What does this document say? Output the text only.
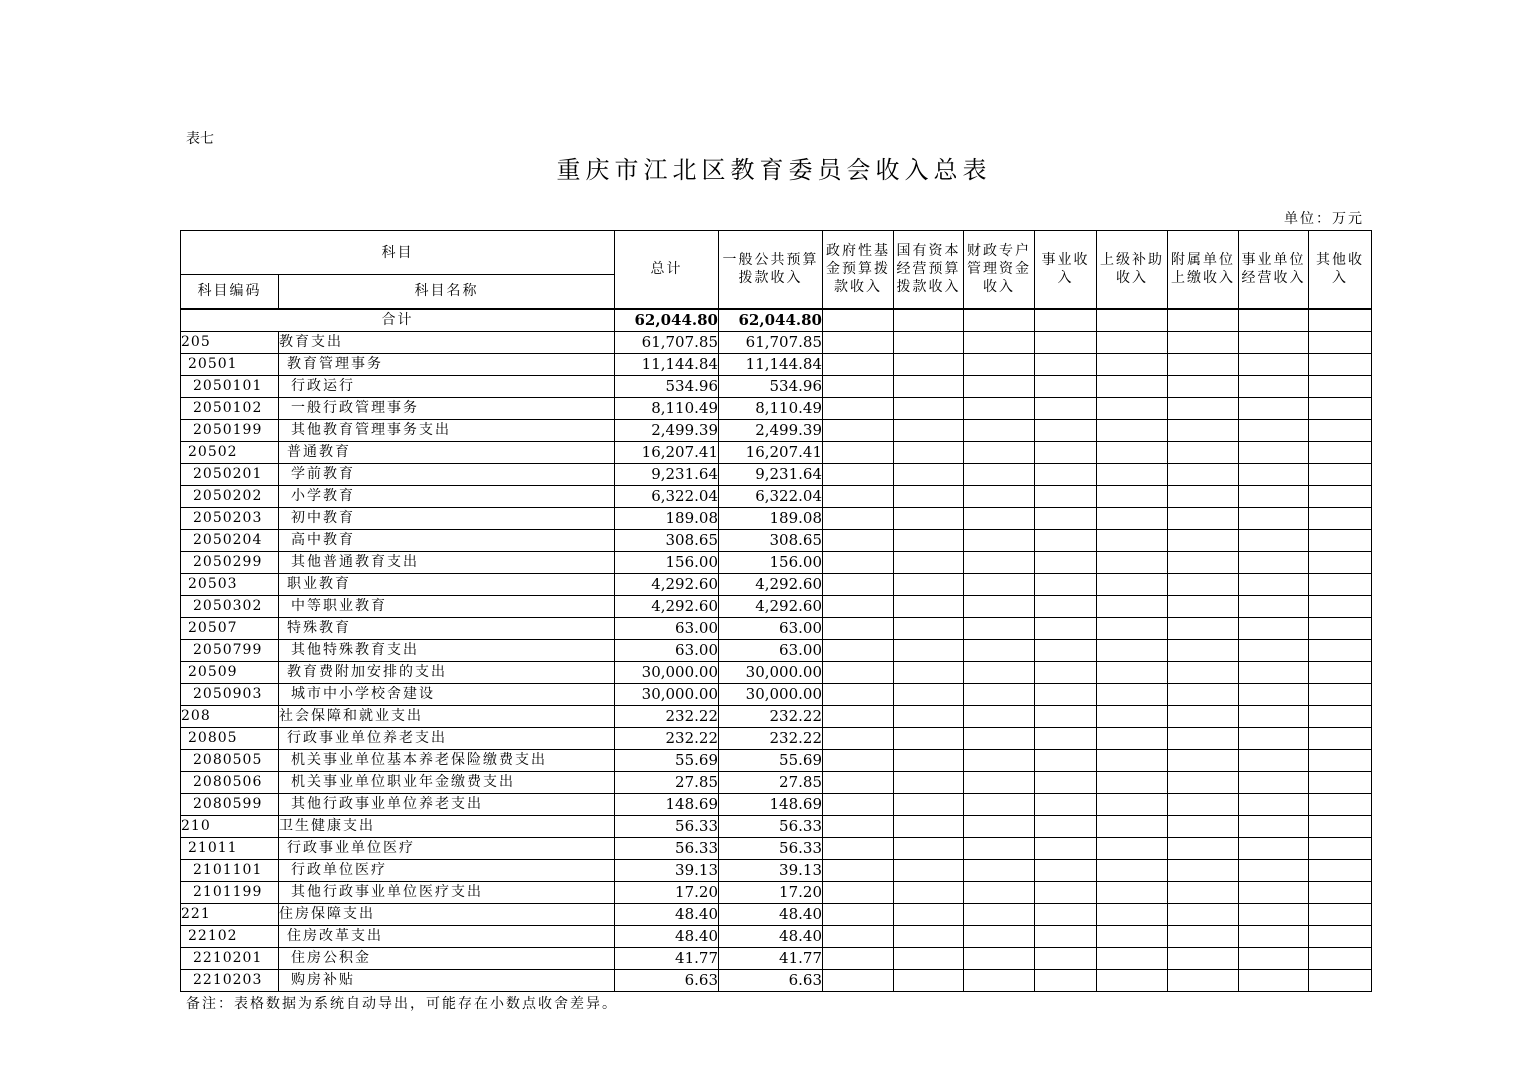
表七
重庆市江北区教育委员会收入总表
单位：万元
科目		总计	一般公共预算拨款收入	政府性基金预算拨款收入	国有资本经营预算拨款收入	财政专户管理资金收入	事业收入	上级补助收入	附属单位上缴收入	事业单位经营收入	其他收入
科目编码	科目名称										
合计		62,044.80	62,044.80								
205	教育支出	61,707.85	61,707.85								
20501	教育管理事务	11,144.84	11,144.84								
2050101	行政运行	534.96	534.96								
2050102	一般行政管理事务	8,110.49	8,110.49								
2050199	其他教育管理事务支出	2,499.39	2,499.39								
20502	普通教育	16,207.41	16,207.41								
2050201	学前教育	9,231.64	9,231.64								
2050202	小学教育	6,322.04	6,322.04								
2050203	初中教育	189.08	189.08								
2050204	高中教育	308.65	308.65								
2050299	其他普通教育支出	156.00	156.00								
20503	职业教育	4,292.60	4,292.60								
2050302	中等职业教育	4,292.60	4,292.60								
20507	特殊教育	63.00	63.00								
2050799	其他特殊教育支出	63.00	63.00								
20509	教育费附加安排的支出	30,000.00	30,000.00								
2050903	城市中小学校舍建设	30,000.00	30,000.00								
208	社会保障和就业支出	232.22	232.22								
20805	行政事业单位养老支出	232.22	232.22								
2080505	机关事业单位基本养老保险缴费支出	55.69	55.69								
2080506	机关事业单位职业年金缴费支出	27.85	27.85								
2080599	其他行政事业单位养老支出	148.69	148.69								
210	卫生健康支出	56.33	56.33								
21011	行政事业单位医疗	56.33	56.33								
2101101	行政单位医疗	39.13	39.13								
2101199	其他行政事业单位医疗支出	17.20	17.20								
221	住房保障支出	48.40	48.40								
22102	住房改革支出	48.40	48.40								
2210201	住房公积金	41.77	41.77								
2210203	购房补贴	6.63	6.63								
备注：表格数据为系统自动导出，可能存在小数点收舍差异。
